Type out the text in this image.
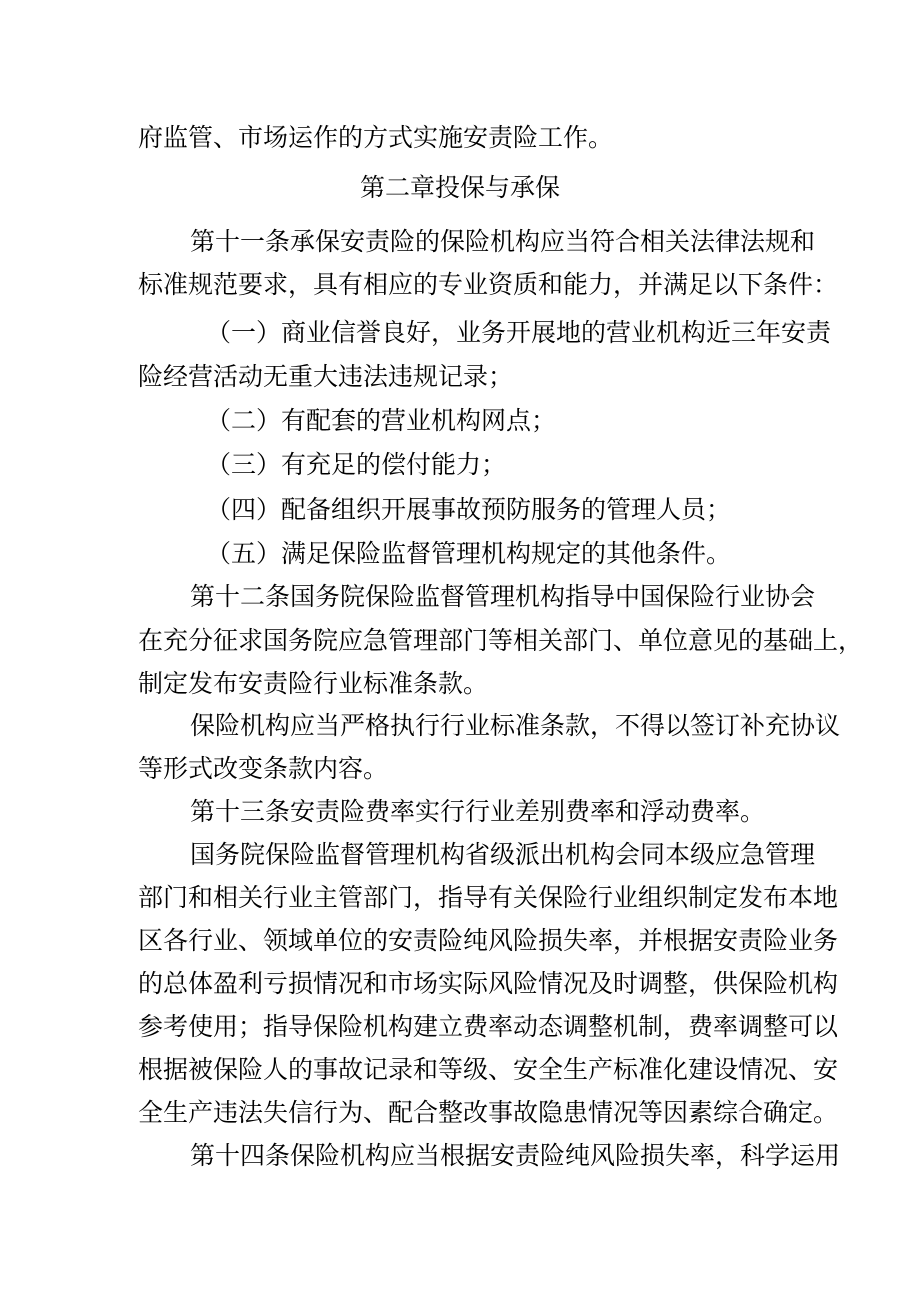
府监管、市场运作的方式实施安责险工作。
第二章投保与承保
第十一条承保安责险的保险机构应当符合相关法律法规和
标准规范要求，具有相应的专业资质和能力，并满足以下条件：
（一）商业信誉良好，业务开展地的营业机构近三年安责
险经营活动无重大违法违规记录；
（二）有配套的营业机构网点；
（三）有充足的偿付能力；
（四）配备组织开展事故预防服务的管理人员；
（五）满足保险监督管理机构规定的其他条件。
第十二条国务院保险监督管理机构指导中国保险行业协会
在充分征求国务院应急管理部门等相关部门、单位意见的基础上，
制定发布安责险行业标准条款。
保险机构应当严格执行行业标准条款，不得以签订补充协议
等形式改变条款内容。
第十三条安责险费率实行行业差别费率和浮动费率。
国务院保险监督管理机构省级派出机构会同本级应急管理
部门和相关行业主管部门，指导有关保险行业组织制定发布本地
区各行业、领域单位的安责险纯风险损失率，并根据安责险业务
的总体盈利亏损情况和市场实际风险情况及时调整，供保险机构
参考使用；指导保险机构建立费率动态调整机制，费率调整可以
根据被保险人的事故记录和等级、安全生产标准化建设情况、安
全生产违法失信行为、配合整改事故隐患情况等因素综合确定。
第十四条保险机构应当根据安责险纯风险损失率，科学运用
